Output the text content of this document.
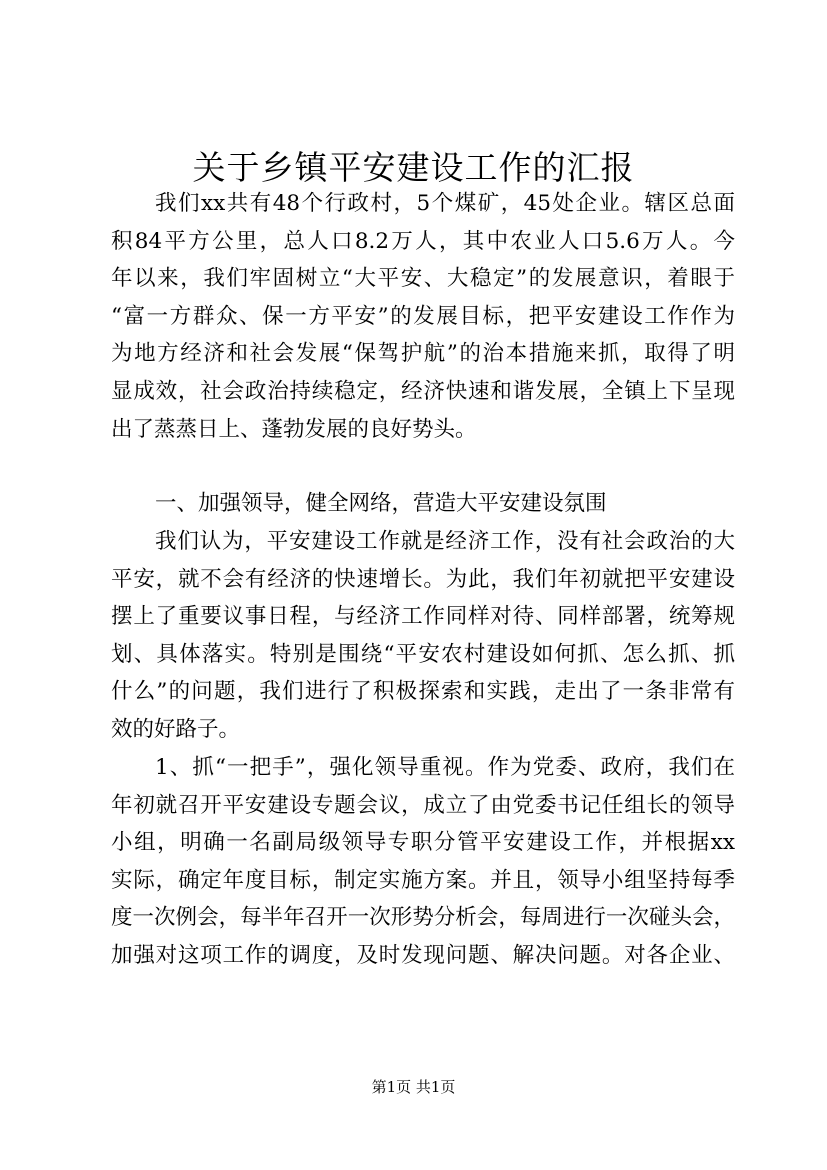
关于乡镇平安建设工作的汇报
我们xx共有48个行政村，5个煤矿，45处企业。辖区总面
积84平方公里，总人口8.2万人，其中农业人口5.6万人。今
年以来，我们牢固树立“大平安、大稳定”的发展意识，着眼于
“富一方群众、保一方平安”的发展目标，把平安建设工作作为
为地方经济和社会发展“保驾护航”的治本措施来抓，取得了明
显成效，社会政治持续稳定，经济快速和谐发展，全镇上下呈现
出了蒸蒸日上、蓬勃发展的良好势头。
一、加强领导，健全网络，营造大平安建设氛围
我们认为，平安建设工作就是经济工作，没有社会政治的大
平安，就不会有经济的快速增长。为此，我们年初就把平安建设
摆上了重要议事日程，与经济工作同样对待、同样部署，统筹规
划、具体落实。特别是围绕“平安农村建设如何抓、怎么抓、抓
什么”的问题，我们进行了积极探索和实践，走出了一条非常有
效的好路子。
1、抓“一把手”，强化领导重视。作为党委、政府，我们在
年初就召开平安建设专题会议，成立了由党委书记任组长的领导
小组，明确一名副局级领导专职分管平安建设工作，并根据xx
实际，确定年度目标，制定实施方案。并且，领导小组坚持每季
度一次例会，每半年召开一次形势分析会，每周进行一次碰头会，
加强对这项工作的调度，及时发现问题、解决问题。对各企业、
第1页 共1页
